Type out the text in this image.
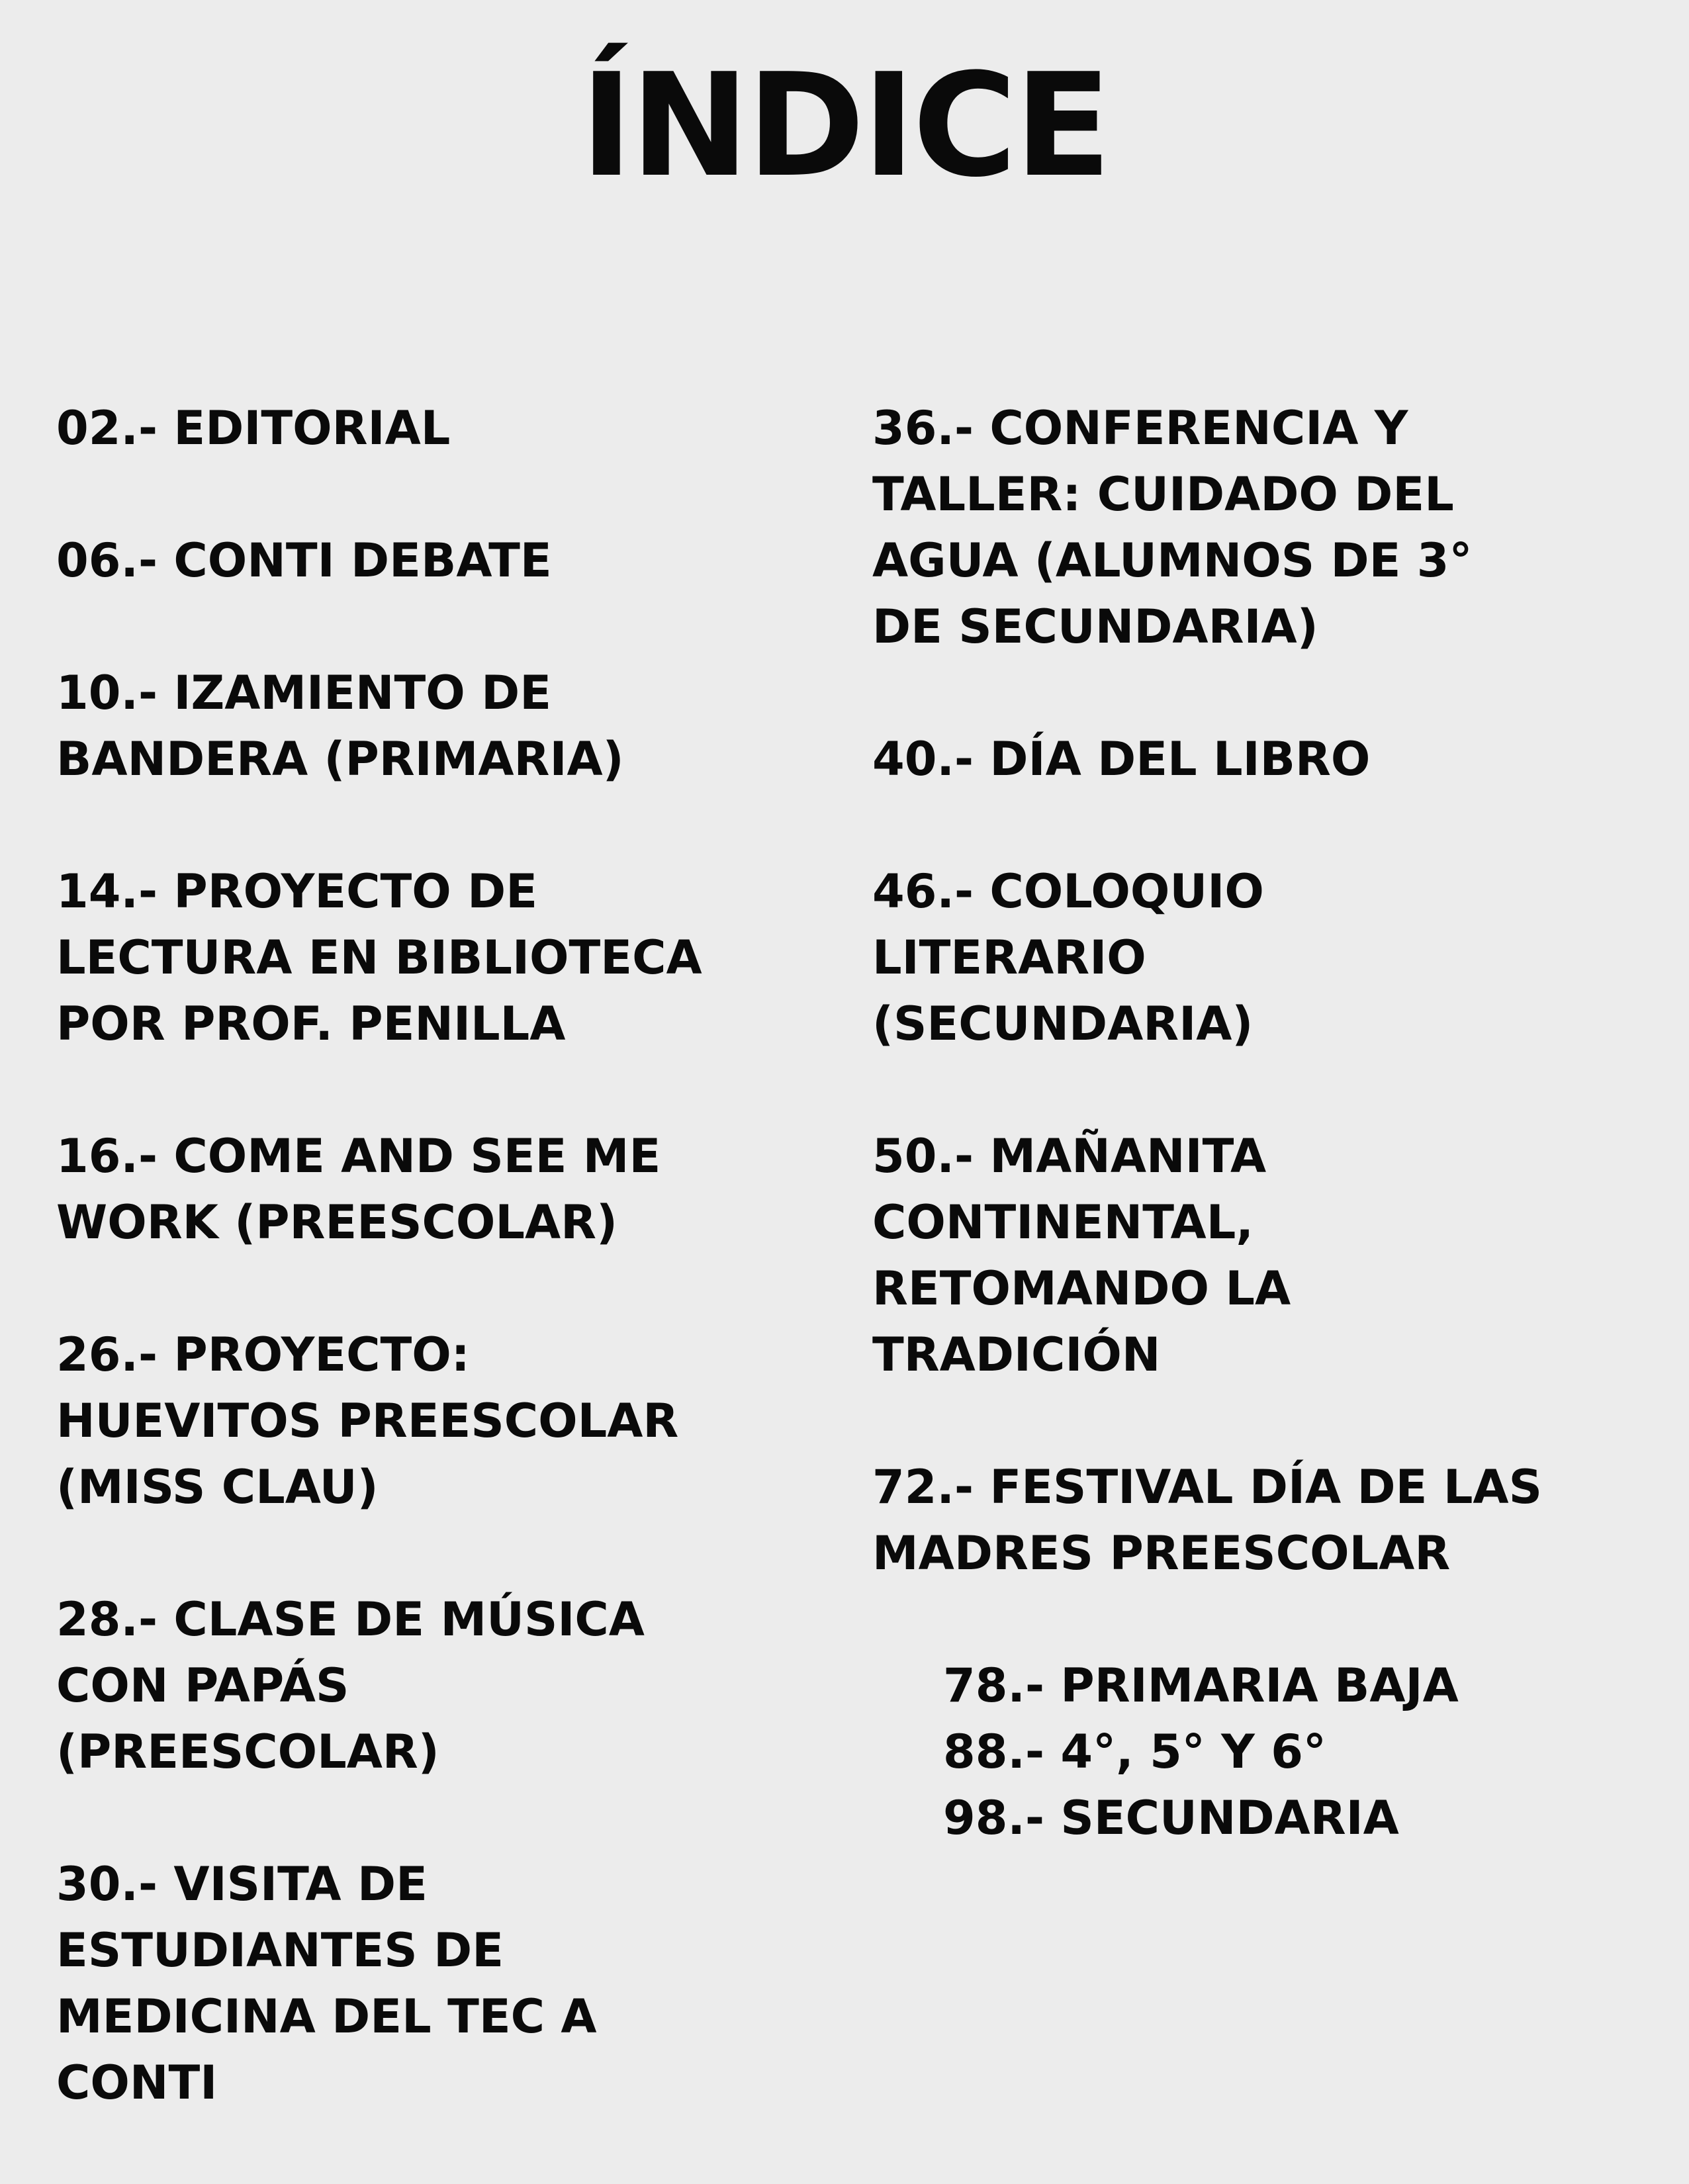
ÍNDICE
02.- EDITORIAL
06.- CONTI DEBATE
10.- IZAMIENTO DE
BANDERA (PRIMARIA)
14.- PROYECTO DE
LECTURA EN BIBLIOTECA
POR PROF. PENILLA
16.- COME AND SEE ME
WORK (PREESCOLAR)
26.- PROYECTO:
HUEVITOS PREESCOLAR
(MISS CLAU)
28.- CLASE DE MÚSICA
CON PAPÁS
(PREESCOLAR)
30.- VISITA DE
ESTUDIANTES DE
MEDICINA DEL TEC A
CONTI
36.- CONFERENCIA Y
TALLER: CUIDADO DEL
AGUA (ALUMNOS DE 3°
DE SECUNDARIA)
40.- DÍA DEL LIBRO
46.- COLOQUIO
LITERARIO
(SECUNDARIA)
50.- MAÑANITA
CONTINENTAL,
RETOMANDO LA
TRADICIÓN
72.- FESTIVAL DÍA DE LAS
MADRES PREESCOLAR
78.- PRIMARIA BAJA
88.- 4°, 5° Y 6°
98.- SECUNDARIA
